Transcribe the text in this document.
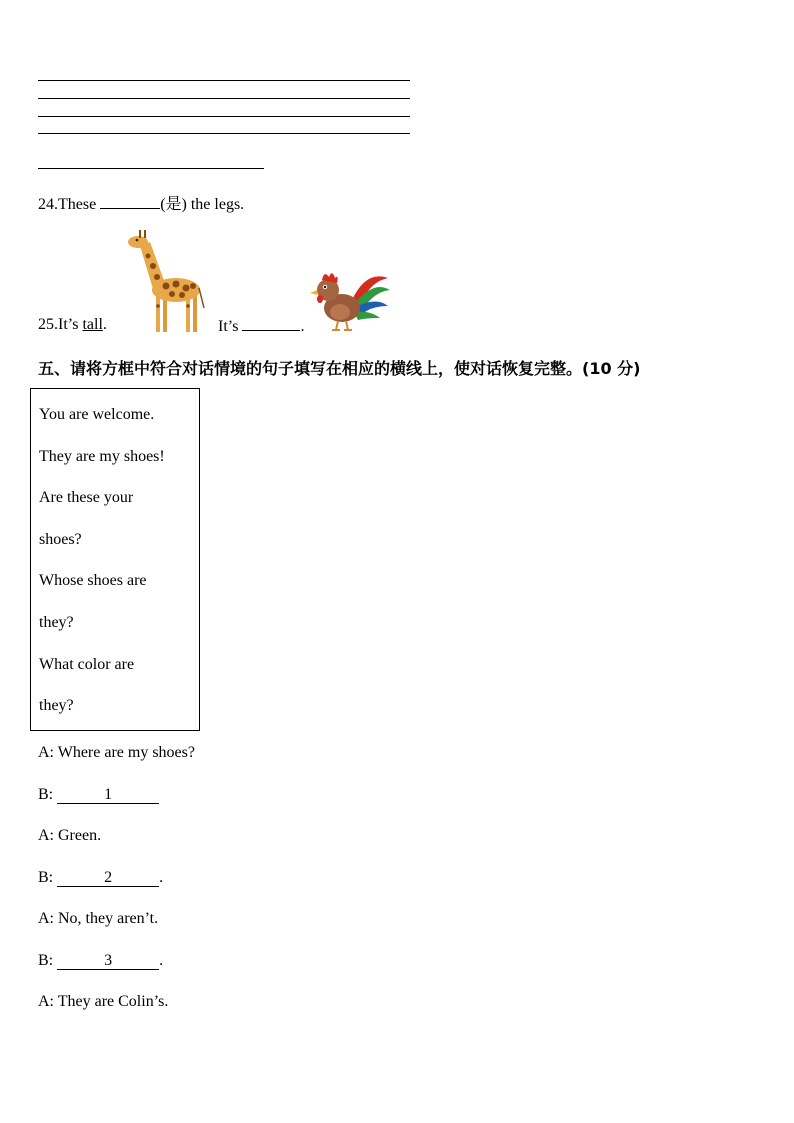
24.These	(是) the legs.
25.It’s tall.	It’s	.
五、请将方框中符合对话情境的句子填写在相应的横线上，使对话恢复完整。(10 分)
You are welcome.
They are my shoes!
Are these your
shoes?
Whose shoes are
they?
What color are
they?
A: Where are my shoes?
B:	1
A: Green.
B:	2	.
A: No, they aren’t.
B:	3	.
A: They are Colin’s.
